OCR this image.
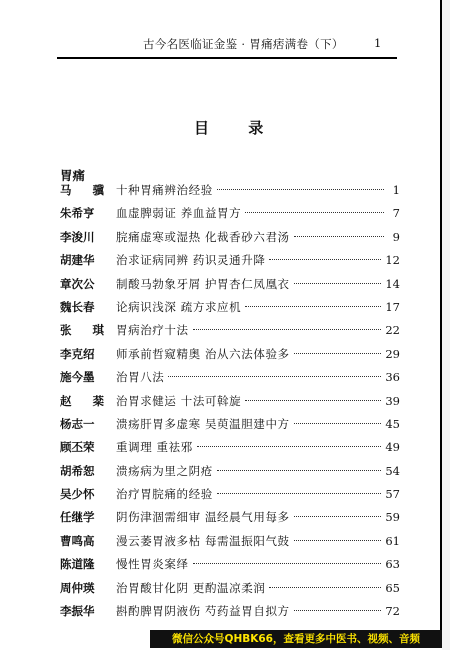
古今名医临证金鉴 · 胃痛痞满卷（下）	1
目 录
胃痛
马 骥 十种胃痛辨治经验	1
朱希亨	血虚脾弱证 养血益胃方	7
李浚川	脘痛虚寒或湿热 化裁香砂六君汤	9
胡建华	治求证病同辨 药识灵通升降	12
章次公	制酸马勃象牙屑 护胃杏仁凤凰衣	14
魏长春	论病识浅深 疏方求应机	17
张 琪 胃病治疗十法	22
李克绍	师承前哲窥精奥 治从六法体验多	29
施今墨	治胃八法	36
赵 棻 治胃求健运 十法可斡旋	39
杨志一	溃疡肝胃多虚寒 吴萸温胆建中方	45
顾丕荣	重调理 重祛邪	49
胡希恕	溃疡病为里之阴疮	54
吴少怀	治疗胃脘痛的经验	57
任继学	阴伤津涸需细审 温经晨气用每多	59
曹鸣高	漫云萎胃液多枯 每需温振阳气鼓	61
陈道隆	慢性胃炎案绎	63
周仲瑛	治胃酸甘化阴 更酌温凉柔润	65
李振华	斟酌脾胃阴液伤 芍药益胃自拟方	72
微信公众号QHBK66，查看更多中医书、视频、音频
